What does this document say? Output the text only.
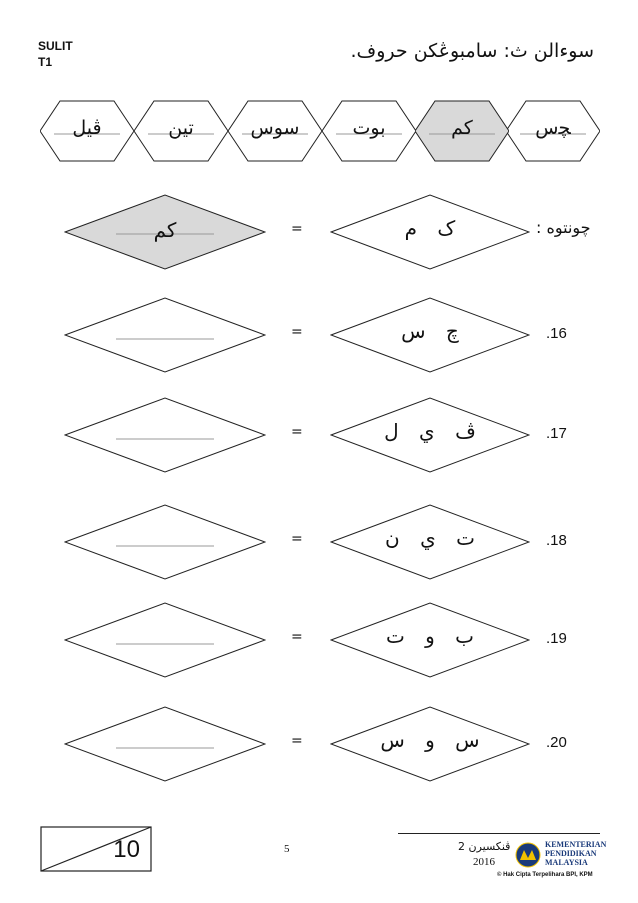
SULIT
T1	سوءالن ث: سامبوڠكن حروف.
ﭽس
كم
بوت
سوس
تين
ڤيل
كم	=	ک م	چونتوه :
=	چ س	.16
=	ڤ ي ل	.17
=	ت ي ن	.18
=	ب و ت	.19
=	س و س	.20
10	5	ڤنکسيرن 2
2016
KEMENTERIAN
PENDIDIKAN
MALAYSIA
© Hak Cipta Terpelihara BPI, KPM
